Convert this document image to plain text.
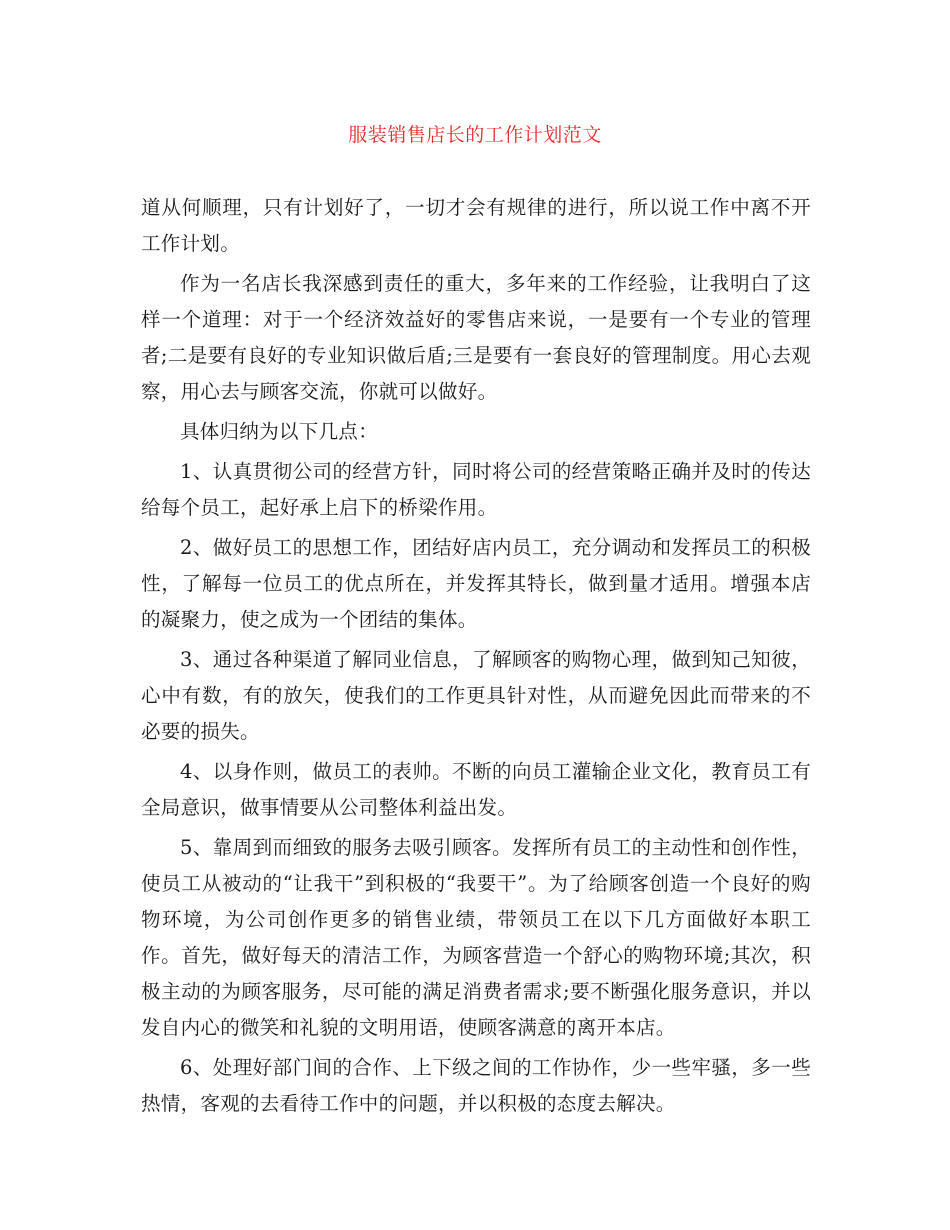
服装销售店长的工作计划范文

道从何顺理，只有计划好了，一切才会有规律的进行，所以说工作中离不开工作计划。

作为一名店长我深感到责任的重大，多年来的工作经验，让我明白了这样一个道理：对于一个经济效益好的零售店来说，一是要有一个专业的管理者;二是要有良好的专业知识做后盾;三是要有一套良好的管理制度。用心去观察，用心去与顾客交流，你就可以做好。

具体归纳为以下几点：

1、认真贯彻公司的经营方针，同时将公司的经营策略正确并及时的传达给每个员工，起好承上启下的桥梁作用。

2、做好员工的思想工作，团结好店内员工，充分调动和发挥员工的积极性，了解每一位员工的优点所在，并发挥其特长，做到量才适用。增强本店的凝聚力，使之成为一个团结的集体。

3、通过各种渠道了解同业信息，了解顾客的购物心理，做到知己知彼，心中有数，有的放矢，使我们的工作更具针对性，从而避免因此而带来的不必要的损失。

4、以身作则，做员工的表帅。不断的向员工灌输企业文化，教育员工有全局意识，做事情要从公司整体利益出发。

5、靠周到而细致的服务去吸引顾客。发挥所有员工的主动性和创作性，使员工从被动的“让我干”到积极的“我要干”。为了给顾客创造一个良好的购物环境，为公司创作更多的销售业绩，带领员工在以下几方面做好本职工作。首先，做好每天的清洁工作，为顾客营造一个舒心的购物环境;其次，积极主动的为顾客服务，尽可能的满足消费者需求;要不断强化服务意识，并以发自内心的微笑和礼貌的文明用语，使顾客满意的离开本店。

6、处理好部门间的合作、上下级之间的工作协作，少一些牢骚，多一些热情，客观的去看待工作中的问题，并以积极的态度去解决。
